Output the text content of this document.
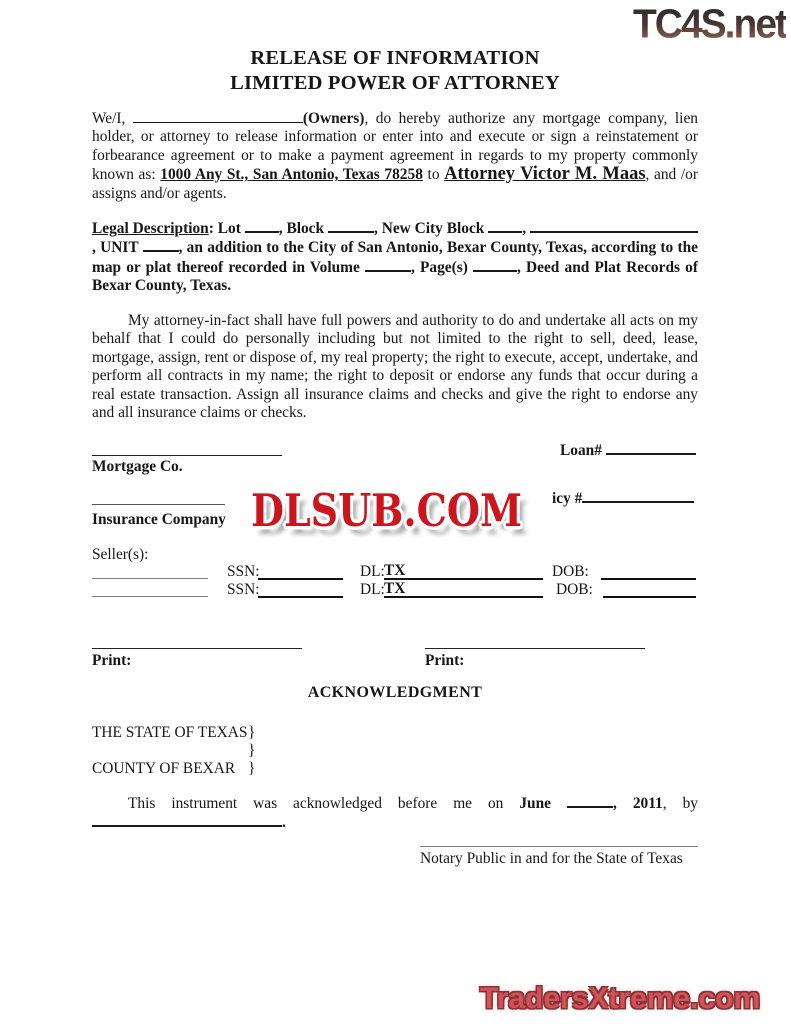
TC4S.net
RELEASE OF INFORMATION
LIMITED POWER OF ATTORNEY

We/I,	(Owners), do hereby authorize any mortgage company, lien holder, or attorney to release information or enter into and execute or sign a reinstatement or forbearance agreement or to make a payment agreement in regards to my property commonly known as: 1000 Any St., San Antonio, Texas 78258 to Attorney Victor M. Maas, and /or assigns and/or agents.

Legal Description: Lot , Block	, New City Block , , UNIT , an addition to the City of San Antonio, Bexar County, Texas, according to the map or plat thereof recorded in Volume	, Page(s)	, Deed and Plat Records of Bexar County, Texas.

My attorney-in-fact shall have full powers and authority to do and undertake all acts on my behalf that I could do personally including but not limited to the right to sell, deed, lease, mortgage, assign, rent or dispose of, my real property; the right to execute, accept, undertake, and perform all contracts in my name; the right to deposit or endorse any funds that occur during a real estate transaction. Assign all insurance claims and checks and give the right to endorse any and all insurance claims or checks.

Loan#
Mortgage Co.
icy #
Insurance Company DLSUB.COM
Seller(s):
SSN:	DL: TX	DOB:
SSN:	DL: TX	DOB:
Print:	Print:
ACKNOWLEDGMENT
THE STATE OF TEXAS }
}
COUNTY OF BEXAR }

This instrument was acknowledged before me on June	, 2011, by .

Notary Public in and for the State of Texas
TradersXtreme.com
